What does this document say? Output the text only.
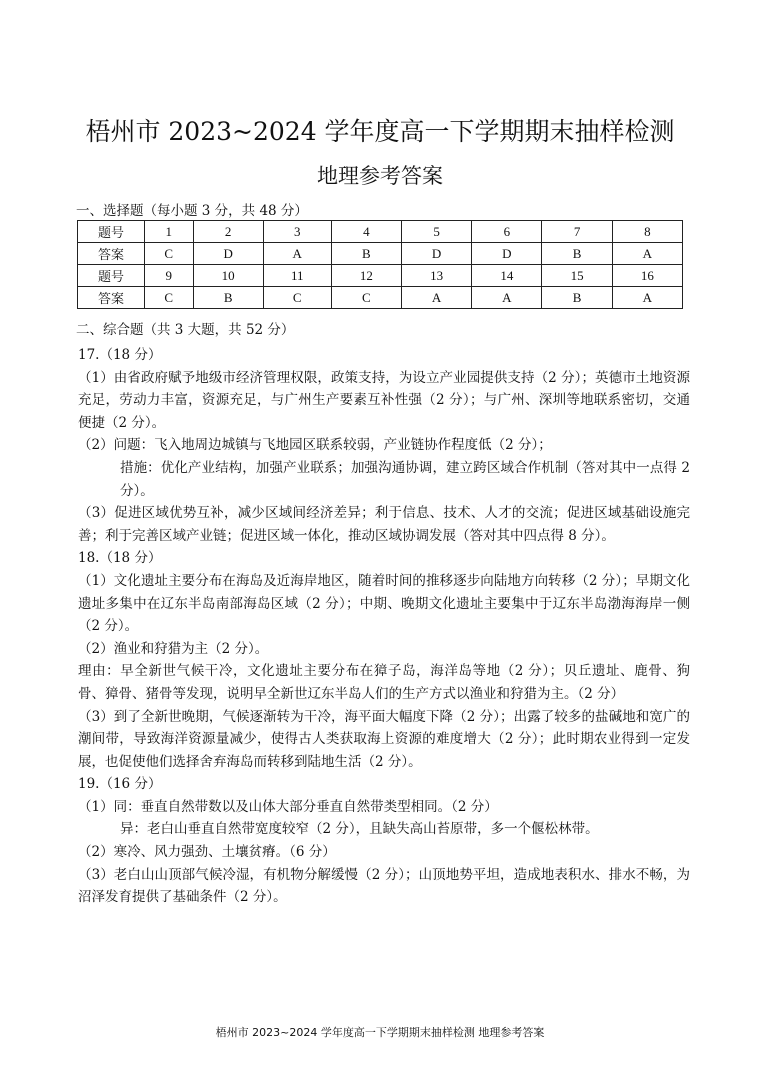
梧州市 2023~2024 学年度高一下学期期末抽样检测
地理参考答案
一、选择题（每小题 3 分，共 48 分）
题号	1	2	3	4	5	6	7	8
答案	C	D	A	B	D	D	B	A
题号	9	10	11	12	13	14	15	16
答案	C	B	C	C	A	A	B	A
二、综合题（共 3 大题，共 52 分）

17.（18 分）

（1）由省政府赋予地级市经济管理权限，政策支持，为设立产业园提供支持（2 分）；英德市土地资源充足，劳动力丰富，资源充足，与广州生产要素互补性强（2 分）；与广州、深圳等地联系密切，交通便捷（2 分）。

（2）问题：飞入地周边城镇与飞地园区联系较弱，产业链协作程度低（2 分）；

措施：优化产业结构，加强产业联系；加强沟通协调，建立跨区域合作机制（答对其中一点得 2 分）。

（3）促进区域优势互补，减少区域间经济差异；利于信息、技术、人才的交流；促进区域基础设施完善；利于完善区域产业链；促进区域一体化，推动区域协调发展（答对其中四点得 8 分）。

18.（18 分）

（1）文化遗址主要分布在海岛及近海岸地区，随着时间的推移逐步向陆地方向转移（2 分）；早期文化遗址多集中在辽东半岛南部海岛区域（2 分）；中期、晚期文化遗址主要集中于辽东半岛渤海海岸一侧（2 分）。

（2）渔业和狩猎为主（2 分）。

理由：早全新世气候干冷，文化遗址主要分布在獐子岛，海洋岛等地（2 分）；贝丘遗址、鹿骨、狗骨、獐骨、猪骨等发现，说明早全新世辽东半岛人们的生产方式以渔业和狩猎为主。（2 分）

（3）到了全新世晚期，气候逐渐转为干冷，海平面大幅度下降（2 分）；出露了较多的盐碱地和宽广的潮间带，导致海洋资源量减少，使得古人类获取海上资源的难度增大（2 分）；此时期农业得到一定发展，也促使他们选择舍弃海岛而转移到陆地生活（2 分）。

19.（16 分）

（1）同：垂直自然带数以及山体大部分垂直自然带类型相同。（2 分）

异：老白山垂直自然带宽度较窄（2 分），且缺失高山苔原带，多一个偃松林带。

（2）寒冷、风力强劲、土壤贫瘠。（6 分）

（3）老白山山顶部气候冷湿，有机物分解缓慢（2 分）；山顶地势平坦，造成地表积水、排水不畅，为沼泽发育提供了基础条件（2 分）。

梧州市 2023~2024 学年度高一下学期期末抽样检测 地理参考答案
